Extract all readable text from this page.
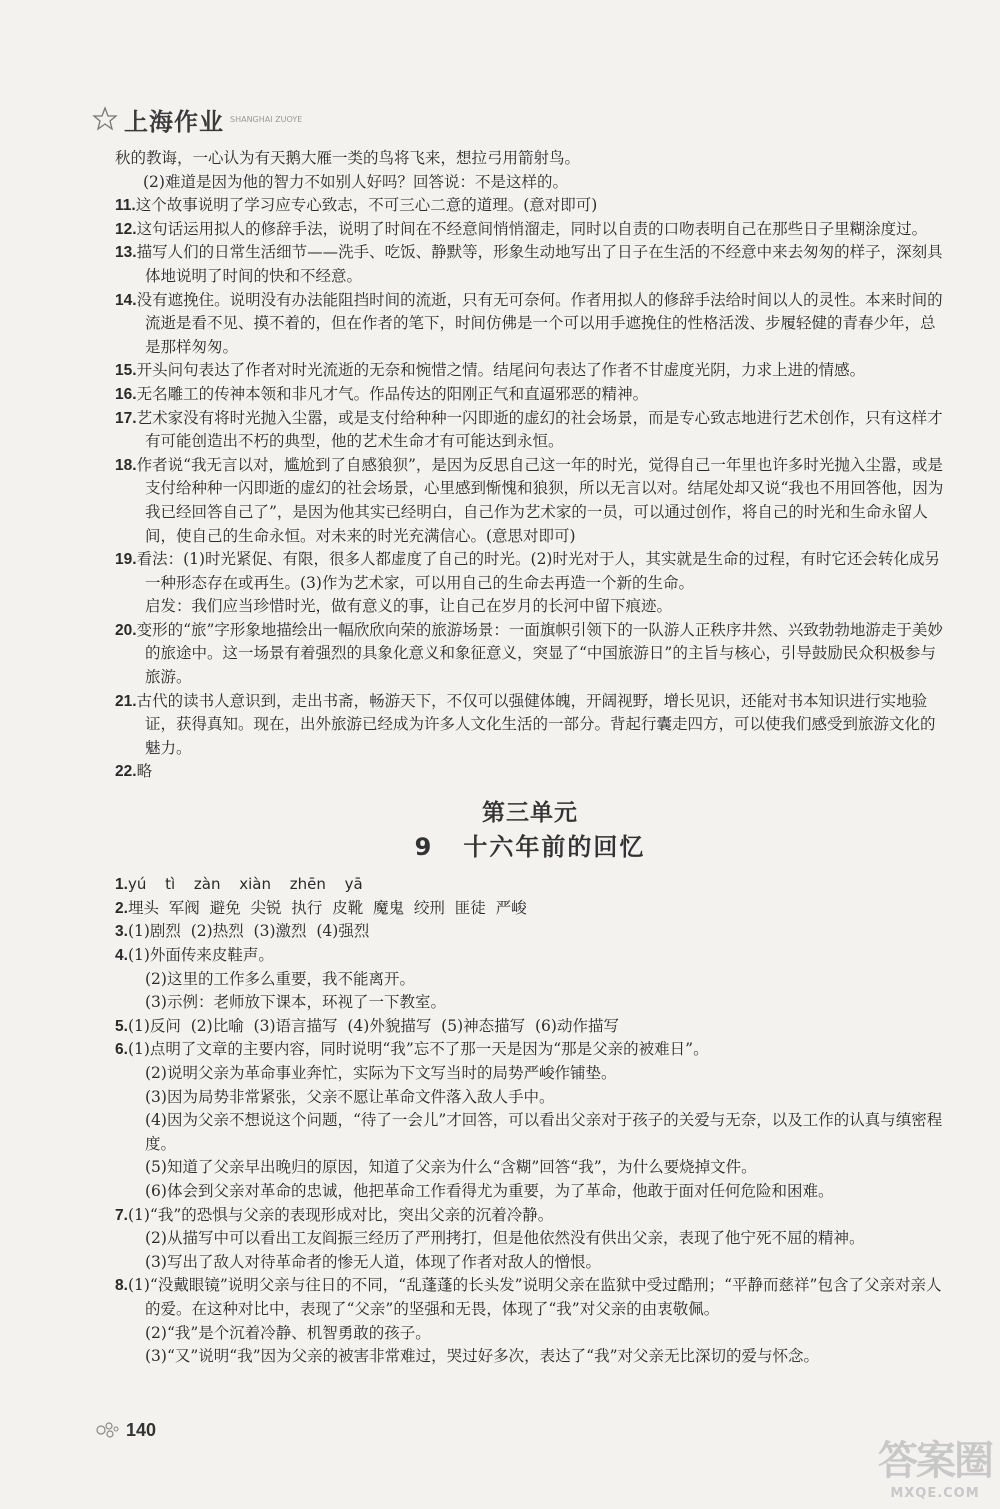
上海作业 SHANGHAI ZUOYE

秋的教诲，一心认为有天鹅大雁一类的鸟将飞来，想拉弓用箭射鸟。

(2)难道是因为他的智力不如别人好吗？回答说：不是这样的。

11.这个故事说明了学习应专心致志，不可三心二意的道理。(意对即可)

12.这句话运用拟人的修辞手法，说明了时间在不经意间悄悄溜走，同时以自责的口吻表明自己在那些日子里糊涂度过。

13.描写人们的日常生活细节——洗手、吃饭、静默等，形象生动地写出了日子在生活的不经意中来去匆匆的样子，深刻具体地说明了时间的快和不经意。

14.没有遮挽住。说明没有办法能阻挡时间的流逝，只有无可奈何。作者用拟人的修辞手法给时间以人的灵性。本来时间的流逝是看不见、摸不着的，但在作者的笔下，时间仿佛是一个可以用手遮挽住的性格活泼、步履轻健的青春少年，总是那样匆匆。

15.开头问句表达了作者对时光流逝的无奈和惋惜之情。结尾问句表达了作者不甘虚度光阴，力求上进的情感。

16.无名雕工的传神本领和非凡才气。作品传达的阳刚正气和直逼邪恶的精神。

17.艺术家没有将时光抛入尘嚣，或是支付给种种一闪即逝的虚幻的社会场景，而是专心致志地进行艺术创作，只有这样才有可能创造出不朽的典型，他的艺术生命才有可能达到永恒。

18.作者说“我无言以对，尴尬到了自感狼狈”，是因为反思自己这一年的时光，觉得自己一年里也许多时光抛入尘嚣，或是支付给种种一闪即逝的虚幻的社会场景，心里感到惭愧和狼狈，所以无言以对。结尾处却又说“我也不用回答他，因为我已经回答自己了”，是因为他其实已经明白，自己作为艺术家的一员，可以通过创作，将自己的时光和生命永留人间，使自己的生命永恒。对未来的时光充满信心。(意思对即可)

19.看法：(1)时光紧促、有限，很多人都虚度了自己的时光。(2)时光对于人，其实就是生命的过程，有时它还会转化成另一种形态存在或再生。(3)作为艺术家，可以用自己的生命去再造一个新的生命。

启发：我们应当珍惜时光，做有意义的事，让自己在岁月的长河中留下痕迹。

20.变形的“旅”字形象地描绘出一幅欣欣向荣的旅游场景：一面旗帜引领下的一队游人正秩序井然、兴致勃勃地游走于美妙的旅途中。这一场景有着强烈的具象化意义和象征意义，突显了“中国旅游日”的主旨与核心，引导鼓励民众积极参与旅游。

21.古代的读书人意识到，走出书斋，畅游天下，不仅可以强健体魄，开阔视野，增长见识，还能对书本知识进行实地验证，获得真知。现在，出外旅游已经成为许多人文化生活的一部分。背起行囊走四方，可以使我们感受到旅游文化的魅力。

22.略

第三单元
9 十六年前的回忆

1.yú tì zàn xiàn zhēn yā

2.埋头  军阀  避免  尖锐  执行  皮靴  魔鬼  绞刑  匪徒  严峻

3.(1)剧烈  (2)热烈  (3)激烈  (4)强烈

4.(1)外面传来皮鞋声。

(2)这里的工作多么重要，我不能离开。

(3)示例：老师放下课本，环视了一下教室。

5.(1)反问  (2)比喻  (3)语言描写  (4)外貌描写  (5)神态描写  (6)动作描写

6.(1)点明了文章的主要内容，同时说明“我”忘不了那一天是因为“那是父亲的被难日”。

(2)说明父亲为革命事业奔忙，实际为下文写当时的局势严峻作铺垫。

(3)因为局势非常紧张，父亲不愿让革命文件落入敌人手中。

(4)因为父亲不想说这个问题，“待了一会儿”才回答，可以看出父亲对于孩子的关爱与无奈，以及工作的认真与缜密程度。

(5)知道了父亲早出晚归的原因，知道了父亲为什么“含糊”回答“我”，为什么要烧掉文件。

(6)体会到父亲对革命的忠诚，他把革命工作看得尤为重要，为了革命，他敢于面对任何危险和困难。

7.(1)“我”的恐惧与父亲的表现形成对比，突出父亲的沉着冷静。

(2)从描写中可以看出工友阎振三经历了严刑拷打，但是他依然没有供出父亲，表现了他宁死不屈的精神。

(3)写出了敌人对待革命者的惨无人道，体现了作者对敌人的憎恨。

8.(1)“没戴眼镜”说明父亲与往日的不同，“乱蓬蓬的长头发”说明父亲在监狱中受过酷刑；“平静而慈祥”包含了父亲对亲人的爱。在这种对比中，表现了“父亲”的坚强和无畏，体现了“我”对父亲的由衷敬佩。

(2)“我”是个沉着冷静、机智勇敢的孩子。

(3)“又”说明“我”因为父亲的被害非常难过，哭过好多次，表达了“我”对父亲无比深切的爱与怀念。

140
答案圈
MXQE.COM
